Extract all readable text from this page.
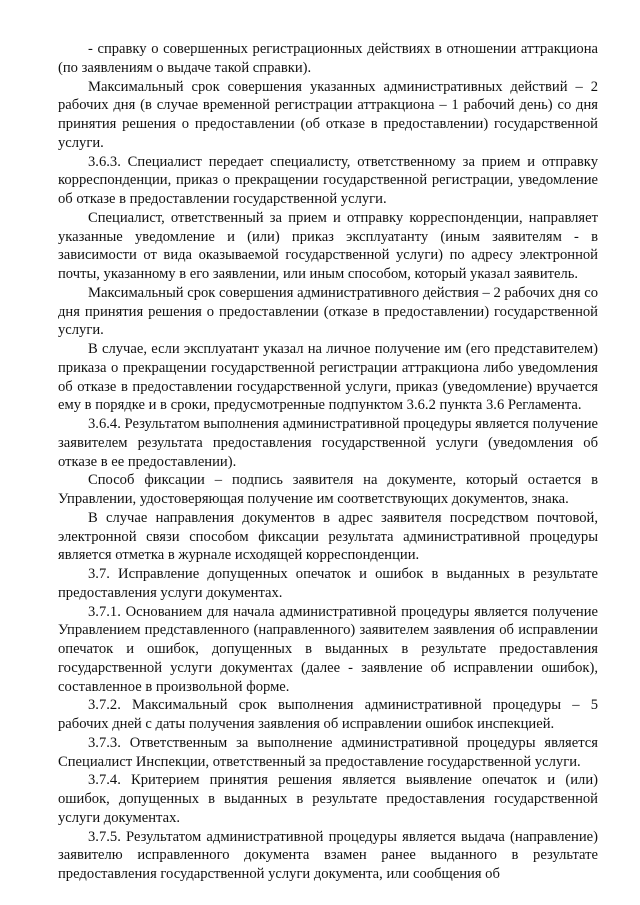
- справку о совершенных регистрационных действиях в отношении аттракциона (по заявлениям о выдаче такой справки).

Максимальный срок совершения указанных административных действий – 2 рабочих дня (в случае временной регистрации аттракциона – 1 рабочий день) со дня принятия решения о предоставлении (об отказе в предоставлении) государственной услуги.

3.6.3. Специалист передает специалисту, ответственному за прием и отправку корреспонденции, приказ о прекращении государственной регистрации, уведомление об отказе в предоставлении государственной услуги.

Специалист, ответственный за прием и отправку корреспонденции, направляет указанные уведомление и (или) приказ эксплуатанту (иным заявителям - в зависимости от вида оказываемой государственной услуги) по адресу электронной почты, указанному в его заявлении, или иным способом, который указал заявитель.

Максимальный срок совершения административного действия – 2 рабочих дня со дня принятия решения о предоставлении (отказе в предоставлении) государственной услуги.

В случае, если эксплуатант указал на личное получение им (его представителем) приказа о прекращении государственной регистрации аттракциона либо уведомления об отказе в предоставлении государственной услуги, приказ (уведомление) вручается ему в порядке и в сроки, предусмотренные подпунктом 3.6.2 пункта 3.6 Регламента.

3.6.4. Результатом выполнения административной процедуры является получение заявителем результата предоставления государственной услуги (уведомления об отказе в ее предоставлении).

Способ фиксации – подпись заявителя на документе, который остается в Управлении, удостоверяющая получение им соответствующих документов, знака.

В случае направления документов в адрес заявителя посредством почтовой, электронной связи способом фиксации результата административной процедуры является отметка в журнале исходящей корреспонденции.

3.7. Исправление допущенных опечаток и ошибок в выданных в результате предоставления услуги документах.

3.7.1. Основанием для начала административной процедуры является получение Управлением представленного (направленного) заявителем заявления об исправлении опечаток и ошибок, допущенных в выданных в результате предоставления государственной услуги документах (далее - заявление об исправлении ошибок), составленное в произвольной форме.

3.7.2. Максимальный срок выполнения административной процедуры – 5 рабочих дней с даты получения заявления об исправлении ошибок инспекцией.

3.7.3. Ответственным за выполнение административной процедуры является Специалист Инспекции, ответственный за предоставление государственной услуги.

3.7.4. Критерием принятия решения является выявление опечаток и (или) ошибок, допущенных в выданных в результате предоставления государственной услуги документах.

3.7.5. Результатом административной процедуры является выдача (направление) заявителю исправленного документа взамен ранее выданного в результате предоставления государственной услуги документа, или сообщения об
